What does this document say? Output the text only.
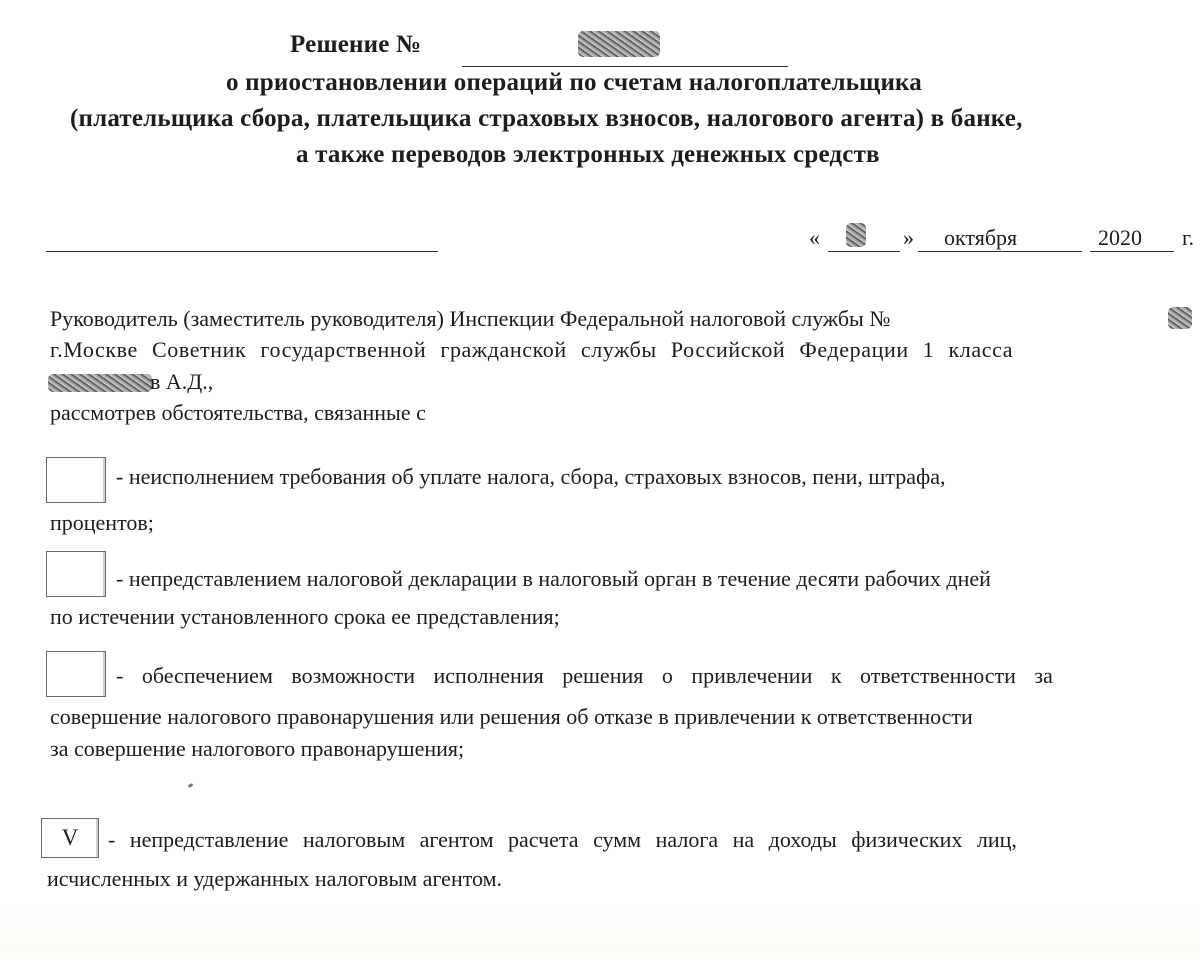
Решение №
о приостановлении операций по счетам налогоплательщика
(плательщика сбора, плательщика страховых взносов, налогового агента) в банке,
а также переводов электронных денежных средств
«	» октября	2020 г.
Руководитель (заместитель руководителя) Инспекции Федеральной налоговой службы №
г.Москве Советник государственной гражданской службы Российской Федерации 1 класса
в А.Д.,
рассмотрев обстоятельства, связанные с
- неисполнением требования об уплате налога, сбора, страховых взносов, пени, штрафа,
процентов;
- непредставлением налоговой декларации в налоговый орган в течение десяти рабочих дней
по истечении установленного срока ее представления;
- обеспечением возможности исполнения решения о привлечении к ответственности за
совершение налогового правонарушения или решения об отказе в привлечении к ответственности
за совершение налогового правонарушения;
V	- непредставление налоговым агентом расчета сумм налога на доходы физических лиц,
исчисленных и удержанных налоговым агентом.
